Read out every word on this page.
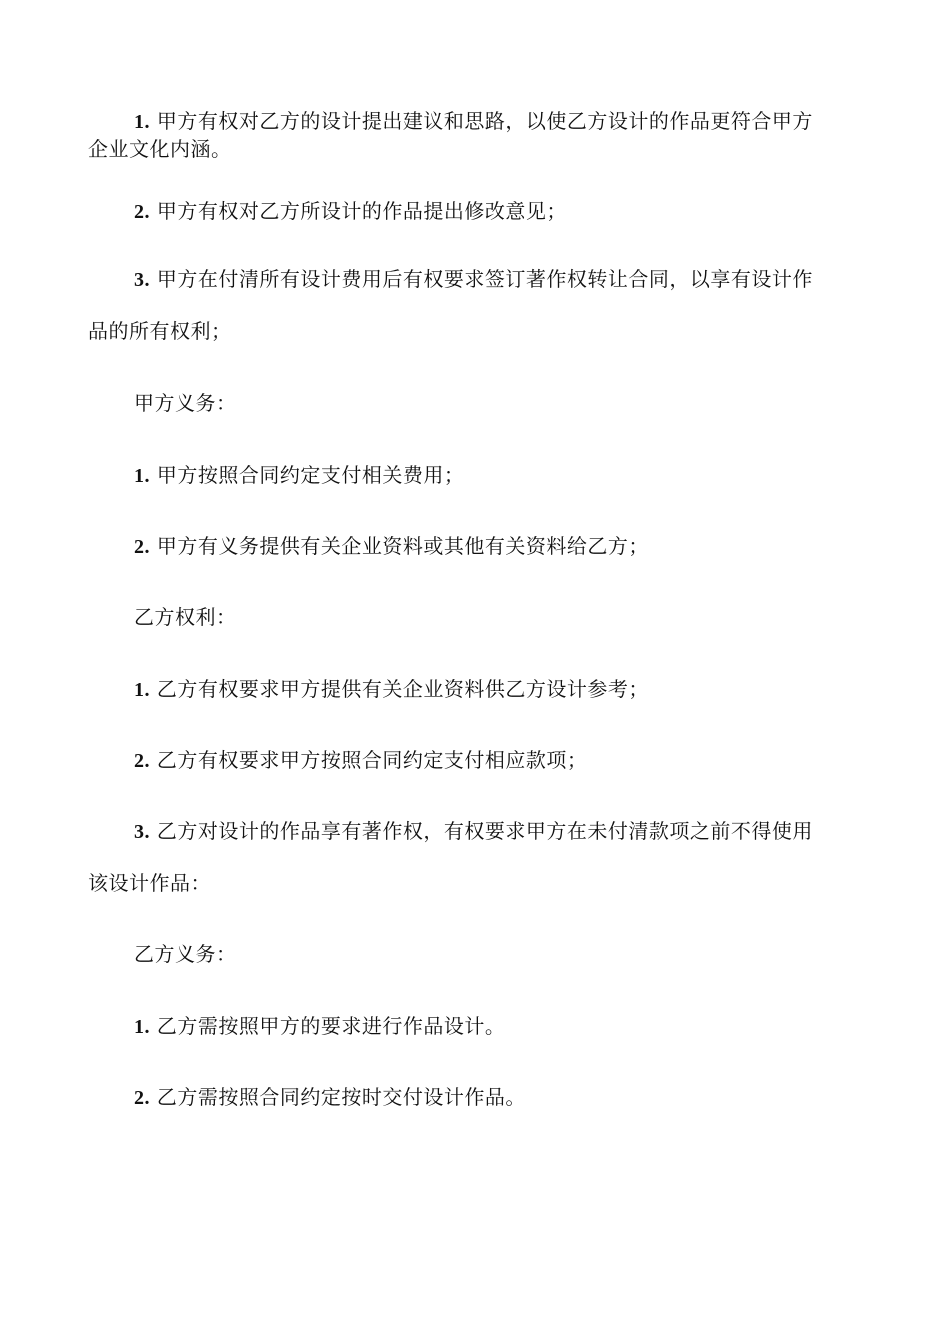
1. 甲方有权对乙方的设计提出建议和思路，以使乙方设计的作品更符合甲方
企业文化内涵。
2. 甲方有权对乙方所设计的作品提出修改意见；
3. 甲方在付清所有设计费用后有权要求签订著作权转让合同，以享有设计作
品的所有权利；
甲方义务：
1. 甲方按照合同约定支付相关费用；
2. 甲方有义务提供有关企业资料或其他有关资料给乙方；
乙方权利：
1. 乙方有权要求甲方提供有关企业资料供乙方设计参考；
2. 乙方有权要求甲方按照合同约定支付相应款项；
3. 乙方对设计的作品享有著作权，有权要求甲方在未付清款项之前不得使用
该设计作品：
乙方义务：
1. 乙方需按照甲方的要求进行作品设计。
2. 乙方需按照合同约定按时交付设计作品。
